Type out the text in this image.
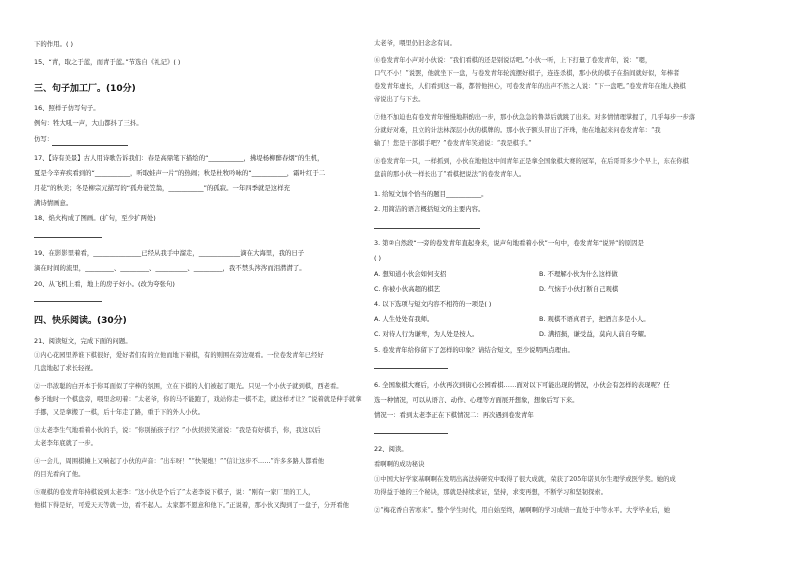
下的作用。( )
15、“青，取之于蓝，而青于蓝。”节选自《礼记》( )
三、句子加工厂。(10分)
16、照样子仿写句子。
例句：牲大吼一声，大山都抖了三抖。
仿写：
17、【诗有美景】古人用诗歌告诉我们：春是高鼎笔下描绘的“___________，拂堤杨柳醉春烟”的生机，
夏是今辛弃疾看到的“___________，听取蛙声一片”的热闹；秋是杜牧吟咏的“___________，霜叶红于二
月花”的秋美；冬是柳宗元描写的“孤舟蓑笠翁，___________”的孤寂。一年四季就是这样充
满诗情画意。
18、焰火构成了图画。(扩句，至少扩两处)
19、在影影里着看，_______________已经从我手中溜走，_____________滴在大海里，我的日子
滴在时间的流里，_________、_________、__________、_________，我不禁头涔涔而泪潸潸了。
20、从飞机上看，地上的房子好小。(改为夸张句)
四、快乐阅读。(30分)
21、阅读短文，完成下面的问题。
①内心花园里养谁下棋很好，爱好者们有的立他而地下着棋，有的则围在旁边观看。一位卷发青年已经好
几盘地起了求长轻视。
②一串浓聪的白开本于你耳面似了字棒的氛围，立在下棋的人们被起了眼光。只见一个小伙子就到棋，西老看。
参予地时一个棋盘旁，喂里念叨着：“太老爷，你的马不能跑了，戏站你走一棋不走，就这样才让？”说着就是伸手就拿
手挪，又是拿搬了一棋，后十年走了路，重于下的外人小伙。
③太老李生气地看着小伙的手，说：“你别插孩子行？”小伙搓搓笑道说：“我是有好棋手，你，我这以后
太老李年底就了一步。
④一会儿，周围棋摊上又响起了小伙的声音：“出车呀！”“快架炮！”“信让这步不……”许多多路人都看他
的目光看向了他。
⑤观棋的卷发青年持棋说到太老李：“这小伙是个后了”太老李说下棋子，说：“刚有一家厂里的工人，
他棋下得是好，可爱天天等就一边，看不起人。太家都不愿意和他下。”正说着，那小伙又掏到了一盘子，分开看他
太老爷，喂里仍旧念念有词。
⑥卷发青年小声对小伙说：“我们看棋的还是别说话吧。”小伙一听，上下打量了卷发青年，说：“嗯，
口气不小！”说罢，他就坐下一盘，与卷发青年轮流摆好棋子，连连杀棋，那小伙的棋子在指间就好似，年棒者
卷发青年虚长，人们看到这一幕，都替他担心，可卷发青年的出声不然之人说：“下一盘吧。”卷发青年在地人换棋
帝说出了与下去。
⑦他不加迫也有卷发青年慢慢地斟酌出一步，那小伙急急的鲁莽后就跳了出来。对多情情理掌握了，几乎每步一步落
分就好对难，且立的计法林深层小伙的棋牌的。那小伙子额头冒出了汗珠，他在地起来问卷发青年：“我
输了！您是干部棋手吧？”卷发青年笑道说：“我是棋手。”
⑧卷发青年一只，一样抓到，小伙在地他这中间青年正是拿全国象棋大赛的冠军，在后哥哥多少个早上，东在你棋
盘前的那小伙一样长出了“看棋把说法”的卷发青年人。
1. 给短文加个恰当的题目___________。
2. 用简洁的语言概括短文的主要内容。
3. 第②自然段“一旁的卷发青年直起身来，说声句地看着小伙”一句中，卷发青年“说异”的原因是
( )
A. 想知道小伙会如何支招	B. 不理解小伙为什么这样做
C. 你被小伙高超的棋艺	D. 气恼于小伙打断自己观棋
4. 以下选项与短文内容不相符的一项是( )
A. 人生处处有我师。	B. 观棋不语真君子，把酒言多是小人。
C. 对待人行为谦卑，为人处是按人。	D. 满招损，谦受益，莫向人前自夸耀。
5. 卷发青年给你留下了怎样的印象？请结合短文，至少说明两点理由。
6. 全国象棋大赛后，小伙再次到街心公园看棋……面对以下可能出现的情况，小伙会有怎样的表现呢？任
选一种情况，可以从语言、动作、心理等方面展开想象，想象后写下来。
情况一：看到太老李正在下棋情况二：再次遇到卷发青年
22、阅读。
看啊啊的成功秘诀
①中国大好学家基啊啊在发明出高法持研究中取得了很大成就，荣获了205年诺贝尔生理学或医学奖。她的成
功得益于她的三个秘诀，那就是持续求证，坚持，求变再想，不断学习和坚韧探索。
②“梅花香自苦寒来”。整个学生时代，用自始至终，屠啊啊的学习成绩一直处于中等水平。大学毕业后，她
